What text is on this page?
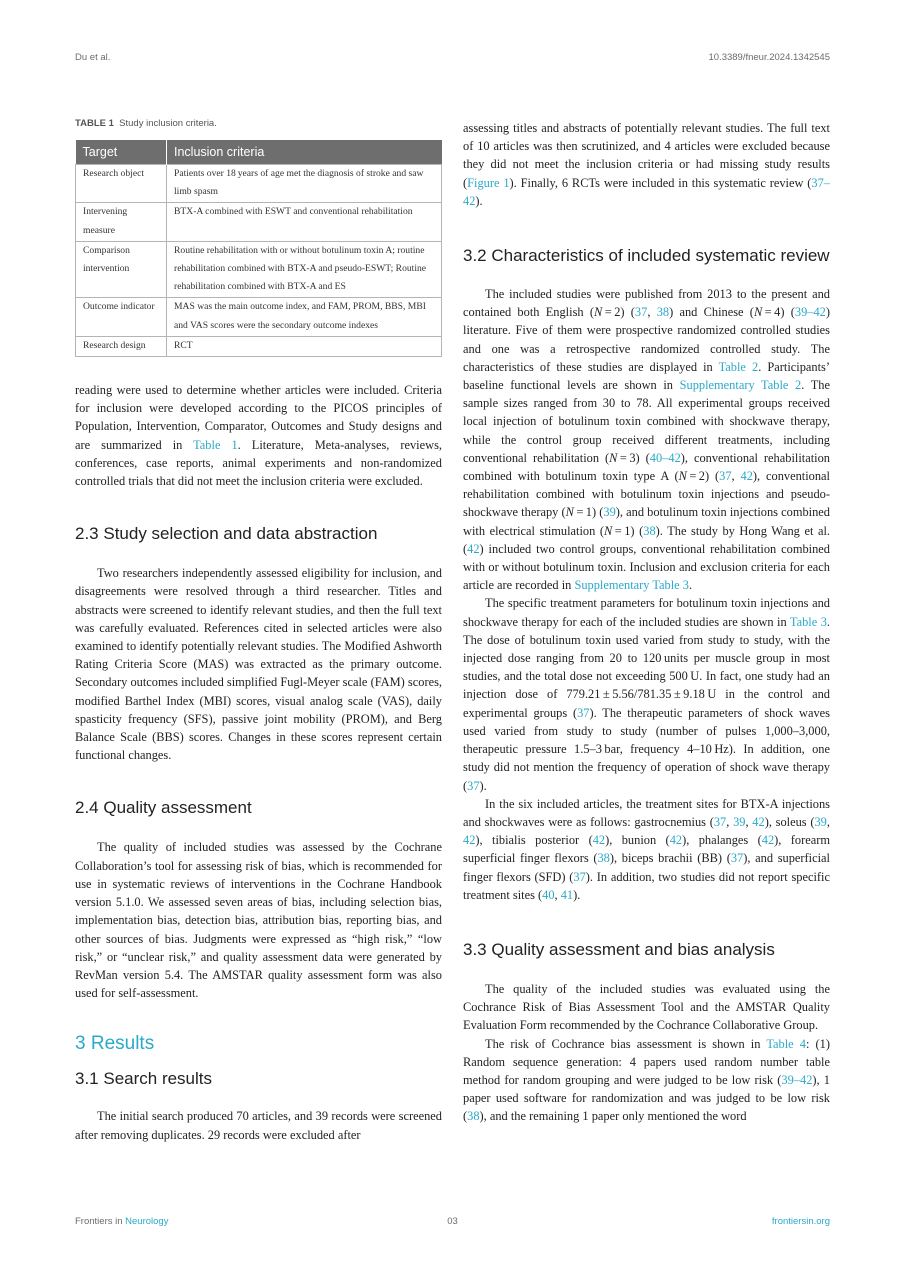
Du et al.	10.3389/fneur.2024.1342545
TABLE 1 Study inclusion criteria.
Target	Inclusion criteria
Research object	Patients over 18 years of age met the diagnosis of stroke and saw limb spasm
Intervening measure	BTX-A combined with ESWT and conventional rehabilitation
Comparison intervention	Routine rehabilitation with or without botulinum toxin A; routine rehabilitation combined with BTX-A and pseudo-ESWT; Routine rehabilitation combined with BTX-A and ES
Outcome indicator	MAS was the main outcome index, and FAM, PROM, BBS, MBI and VAS scores were the secondary outcome indexes
Research design	RCT

reading were used to determine whether articles were included. Criteria for inclusion were developed according to the PICOS principles of Population, Intervention, Comparator, Outcomes and Study designs and are summarized in Table 1. Literature, Meta-analyses, reviews, conferences, case reports, animal experiments and non-randomized controlled trials that did not meet the inclusion criteria were excluded.

2.3 Study selection and data abstraction

Two researchers independently assessed eligibility for inclusion, and disagreements were resolved through a third researcher. Titles and abstracts were screened to identify relevant studies, and then the full text was carefully evaluated. References cited in selected articles were also examined to identify potentially relevant studies. The Modified Ashworth Rating Criteria Score (MAS) was extracted as the primary outcome. Secondary outcomes included simplified Fugl-Meyer scale (FAM) scores, modified Barthel Index (MBI) scores, visual analog scale (VAS), daily spasticity frequency (SFS), passive joint mobility (PROM), and Berg Balance Scale (BBS) scores. Changes in these scores represent certain functional changes.

2.4 Quality assessment

The quality of included studies was assessed by the Cochrane Collaboration’s tool for assessing risk of bias, which is recommended for use in systematic reviews of interventions in the Cochrane Handbook version 5.1.0. We assessed seven areas of bias, including selection bias, implementation bias, detection bias, attribution bias, reporting bias, and other sources of bias. Judgments were expressed as “high risk,” “low risk,” or “unclear risk,” and quality assessment data were generated by RevMan version 5.4. The AMSTAR quality assessment form was also used for self-assessment.

3 Results
3.1 Search results

The initial search produced 70 articles, and 39 records were screened after removing duplicates. 29 records were excluded after

assessing titles and abstracts of potentially relevant studies. The full text of 10 articles was then scrutinized, and 4 articles were excluded because they did not meet the inclusion criteria or had missing study results (Figure 1). Finally, 6 RCTs were included in this systematic review (37–42).

3.2 Characteristics of included systematic review

The included studies were published from 2013 to the present and contained both English (N = 2) (37, 38) and Chinese (N = 4) (39–42) literature. Five of them were prospective randomized controlled studies and one was a retrospective randomized controlled study. The characteristics of these studies are displayed in Table 2. Participants’ baseline functional levels are shown in Supplementary Table 2. The sample sizes ranged from 30 to 78. All experimental groups received local injection of botulinum toxin combined with shockwave therapy, while the control group received different treatments, including conventional rehabilitation (N = 3) (40–42), conventional rehabilitation combined with botulinum toxin type A (N = 2) (37, 42), conventional rehabilitation combined with botulinum toxin injections and pseudo-shockwave therapy (N = 1) (39), and botulinum toxin injections combined with electrical stimulation (N = 1) (38). The study by Hong Wang et al. (42) included two control groups, conventional rehabilitation combined with or without botulinum toxin. Inclusion and exclusion criteria for each article are recorded in Supplementary Table 3.

The specific treatment parameters for botulinum toxin injections and shockwave therapy for each of the included studies are shown in Table 3. The dose of botulinum toxin used varied from study to study, with the injected dose ranging from 20 to 120 units per muscle group in most studies, and the total dose not exceeding 500 U. In fact, one study had an injection dose of 779.21 ± 5.56/781.35 ± 9.18 U in the control and experimental groups (37). The therapeutic parameters of shock waves used varied from study to study (number of pulses 1,000–3,000, therapeutic pressure 1.5–3 bar, frequency 4–10 Hz). In addition, one study did not mention the frequency of operation of shock wave therapy (37).

In the six included articles, the treatment sites for BTX-A injections and shockwaves were as follows: gastrocnemius (37, 39, 42), soleus (39, 42), tibialis posterior (42), bunion (42), phalanges (42), forearm superficial finger flexors (38), biceps brachii (BB) (37), and superficial finger flexors (SFD) (37). In addition, two studies did not report specific treatment sites (40, 41).

3.3 Quality assessment and bias analysis

The quality of the included studies was evaluated using the Cochrance Risk of Bias Assessment Tool and the AMSTAR Quality Evaluation Form recommended by the Cochrance Collaborative Group.

The risk of Cochrance bias assessment is shown in Table 4: (1) Random sequence generation: 4 papers used random number table method for random grouping and were judged to be low risk (39–42), 1 paper used software for randomization and was judged to be low risk (38), and the remaining 1 paper only mentioned the word

Frontiers in Neurology	03	frontiersin.org
